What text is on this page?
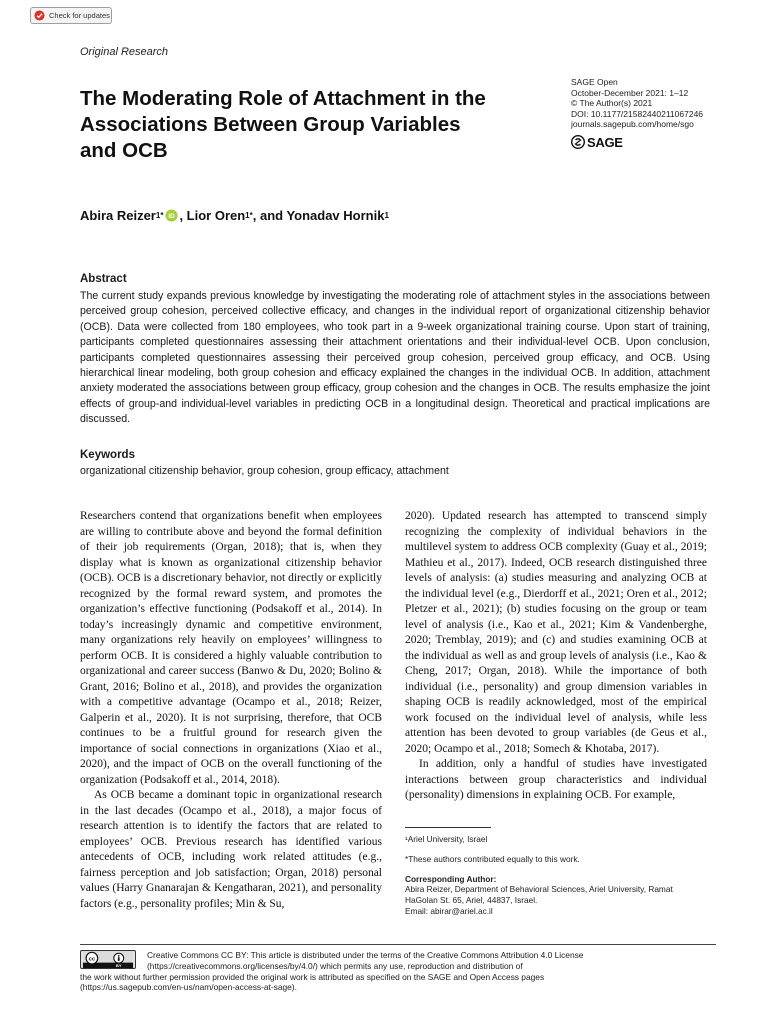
Check for updates
Original Research
The Moderating Role of Attachment in the Associations Between Group Variables and OCB
SAGE Open
October-December 2021: 1–12
© The Author(s) 2021
DOI: 10.1177/21582440211067246
journals.sagepub.com/home/sgo
SAGE
Abira Reizer 1* iD , Lior Oren 1* , and Yonadav Hornik 1
Abstract

The current study expands previous knowledge by investigating the moderating role of attachment styles in the associations between perceived group cohesion, perceived collective efficacy, and changes in the individual report of organizational citizenship behavior (OCB). Data were collected from 180 employees, who took part in a 9-week organizational training course. Upon start of training, participants completed questionnaires assessing their attachment orientations and their individual-level OCB. Upon conclusion, participants completed questionnaires assessing their perceived group cohesion, perceived group efficacy, and OCB. Using hierarchical linear modeling, both group cohesion and efficacy explained the changes in the individual OCB. In addition, attachment anxiety moderated the associations between group efficacy, group cohesion and the changes in OCB. The results emphasize the joint effects of group-and individual-level variables in predicting OCB in a longitudinal design. Theoretical and practical implications are discussed.

Keywords

organizational citizenship behavior, group cohesion, group efficacy, attachment

Researchers contend that organizations benefit when employees are willing to contribute above and beyond the formal definition of their job requirements (Organ, 2018); that is, when they display what is known as organizational citizenship behavior (OCB). OCB is a discretionary behavior, not directly or explicitly recognized by the formal reward system, and promotes the organization’s effective functioning (Podsakoff et al., 2014). In today’s increasingly dynamic and competitive environment, many organizations rely heavily on employees’ willingness to perform OCB. It is considered a highly valuable contribution to organizational and career success (Banwo & Du, 2020; Bolino & Grant, 2016; Bolino et al., 2018), and provides the organization with a competitive advantage (Ocampo et al., 2018; Reizer, Galperin et al., 2020). It is not surprising, therefore, that OCB continues to be a fruitful ground for research given the importance of social connections in organizations (Xiao et al., 2020), and the impact of OCB on the overall functioning of the organization (Podsakoff et al., 2014, 2018).

As OCB became a dominant topic in organizational research in the last decades (Ocampo et al., 2018), a major focus of research attention is to identify the factors that are related to employees’ OCB. Previous research has identified various antecedents of OCB, including work related attitudes (e.g., fairness perception and job satisfaction; Organ, 2018) personal values (Harry Gnanarajan & Kengatharan, 2021), and personality factors (e.g., personality profiles; Min & Su,

2020). Updated research has attempted to transcend simply recognizing the complexity of individual behaviors in the multilevel system to address OCB complexity (Guay et al., 2019; Mathieu et al., 2017). Indeed, OCB research distinguished three levels of analysis: (a) studies measuring and analyzing OCB at the individual level (e.g., Dierdorff et al., 2021; Oren et al., 2012; Pletzer et al., 2021); (b) studies focusing on the group or team level of analysis (i.e., Kao et al., 2021; Kim & Vandenberghe, 2020; Tremblay, 2019); and (c) and studies examining OCB at the individual as well as and group levels of analysis (i.e., Kao & Cheng, 2017; Organ, 2018). While the importance of both individual (i.e., personality) and group dimension variables in shaping OCB is readily acknowledged, most of the empirical work focused on the individual level of analysis, while less attention has been devoted to group variables (de Geus et al., 2020; Ocampo et al., 2018; Somech & Khotaba, 2017).

In addition, only a handful of studies have investigated interactions between group characteristics and individual (personality) dimensions in explaining OCB. For example,

¹Ariel University, Israel
*These authors contributed equally to this work.
Corresponding Author:
Abira Reizer, Department of Behavioral Sciences, Ariel University, Ramat
HaGolan St. 65, Ariel, 44837, Israel.
Email: abirar@ariel.ac.il
cc
BY
Creative Commons CC BY: This article is distributed under the terms of the Creative Commons Attribution 4.0 License
(https://creativecommons.org/licenses/by/4.0/) which permits any use, reproduction and distribution of
the work without further permission provided the original work is attributed as specified on the SAGE and Open Access pages
(https://us.sagepub.com/en-us/nam/open-access-at-sage).
